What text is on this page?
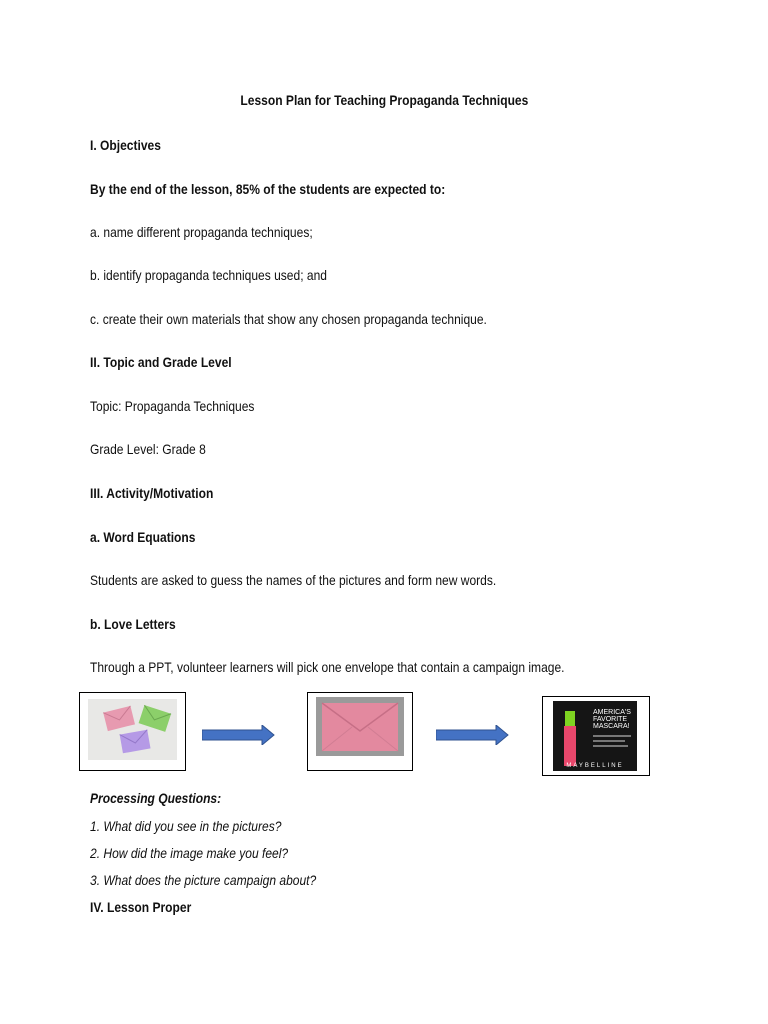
Lesson Plan for Teaching Propaganda Techniques
I. Objectives
By the end of the lesson, 85% of the students are expected to:
a. name different propaganda techniques;
b. identify propaganda techniques used; and
c. create their own materials that show any chosen propaganda technique.
II. Topic and Grade Level
Topic: Propaganda Techniques
Grade Level: Grade 8
III. Activity/Motivation
a. Word Equations
Students are asked to guess the names of the pictures and form new words.
b. Love Letters
Through a PPT, volunteer learners will pick one envelope that contain a campaign image.
AMERICA'S
FAVORITE
MASCARA!
MAYBELLINE
Processing Questions:
1. What did you see in the pictures?
2. How did the image make you feel?
3. What does the picture campaign about?
IV. Lesson Proper
